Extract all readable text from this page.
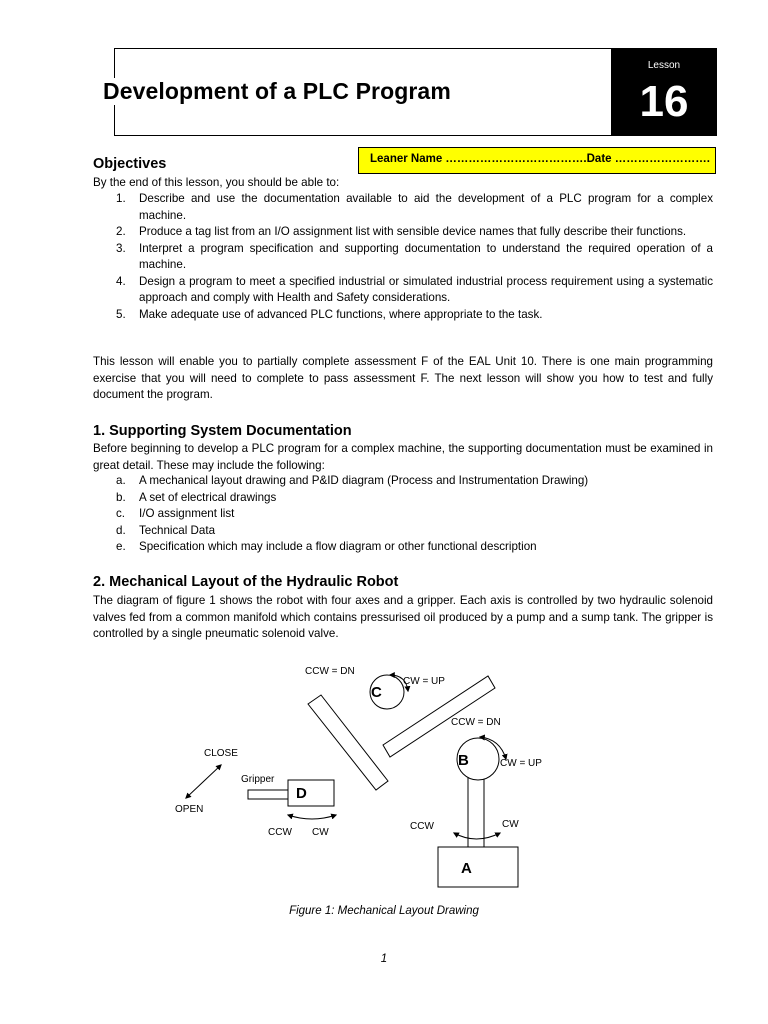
Development of a PLC Program
Lesson
16
Leaner Name ……………………………….Date …………………….
Objectives
By the end of this lesson, you should be able to:
1. Describe and use the documentation available to aid the development of a PLC program for a complex machine.
2. Produce a tag list from an I/O assignment list with sensible device names that fully describe their functions.
3. Interpret a program specification and supporting documentation to understand the required operation of a machine.
4. Design a program to meet a specified industrial or simulated industrial process requirement using a systematic approach and comply with Health and Safety considerations.
5. Make adequate use of advanced PLC functions, where appropriate to the task.
This lesson will enable you to partially complete assessment F of the EAL Unit 10. There is one main programming exercise that you will need to complete to pass assessment F. The next lesson will show you how to test and fully document the program.
1. Supporting System Documentation
Before beginning to develop a PLC program for a complex machine, the supporting documentation must be examined in great detail. These may include the following:
a. A mechanical layout drawing and P&ID diagram (Process and Instrumentation Drawing)
b. A set of electrical drawings
c. I/O assignment list
d. Technical Data
e. Specification which may include a flow diagram or other functional description
2. Mechanical Layout of the Hydraulic Robot
The diagram of figure 1 shows the robot with four axes and a gripper. Each axis is controlled by two hydraulic solenoid valves fed from a common manifold which contains pressurised oil produced by a pump and a sump tank. The gripper is controlled by a single pneumatic solenoid valve.
A
CCW	CW
B
CCW = DN
CW = UP
C
CCW = DN
CW = UP
D
Gripper
CCW CW
CLOSE
OPEN
Figure 1: Mechanical Layout Drawing
1
